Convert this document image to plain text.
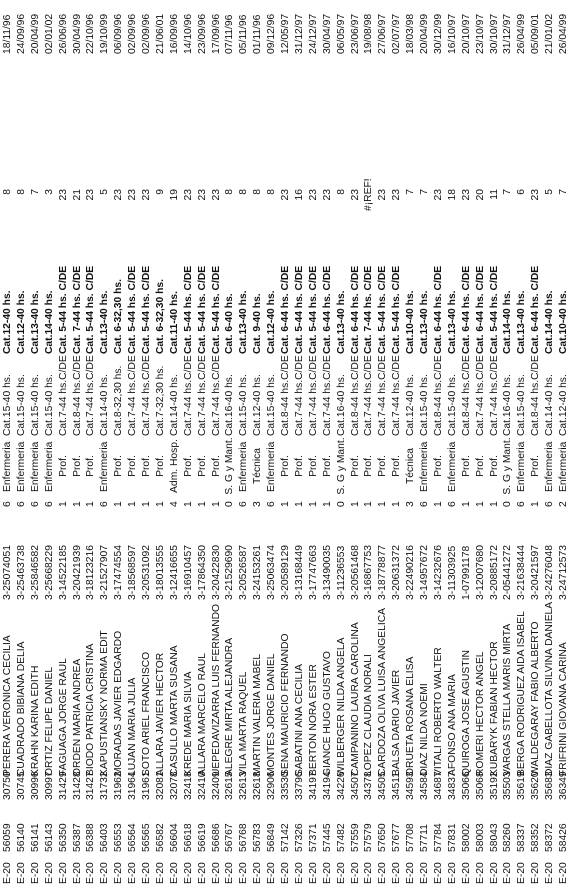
E-20
56059
30750
PERERA VERONICA CECILIA
3-25074051
6
Enfermeria
Cat.15-40 hs.
Cat.12-40 hs.
8
18/11/96
E-20
56140
30745
CUADRADO BIBIANA DELIA
3-25463738
6
Enfermeria
Cat.15-40 hs.
Cat.12-40 hs.
8
24/09/96
E-20
56141
30996
KRAHN KARINA EDITH
3-25846582
6
Enfermeria
Cat.15-40 hs.
Cat.13-40 hs.
7
20/04/99
E-20
56143
30997
ORTIZ FELIPE DANIEL
3-25668229
6
Enfermeria
Cat.15-40 hs.
Cat.14-40 hs.
3
02/01/02
E-20
56350
31429
FAGUAGA JORGE RAUL
3-14522185
1
Prof.
Cat.7-44 hs.C/DE
Cat. 5-44 hs. C/DE
23
26/06/96
E-20
56387
31428
ORDEN MARIA ANDREA
3-20421939
1
Prof.
Cat.8-44 hs.C/DE
Cat. 7-44 hs. C/DE
21
30/04/99
E-20
56388
31427
BIODO PATRICIA CRISTINA
3-18123216
1
Prof.
Cat.7-44 hs.C/DE
Cat. 5-44 hs. C/DE
23
22/10/96
E-20
56403
31732
KAPUSTIANSKY NORMA EDIT
3-21527907
6
Enfermeria
Cat.14-40 hs.
Cat.13-40 hs.
5
19/10/99
E-20
56553
31962
MORADAS JAVIER EDGARDO
3-17474554
1
Prof.
Cat.8-32,30 hs.
Cat. 6-32,30 hs.
23
06/09/96
E-20
56564
31964
LUJAN MARIA JULIA
3-18568597
1
Prof.
Cat.7-44 hs.C/DE
Cat. 5-44 hs. C/DE
23
02/09/96
E-20
56565
31961
SOTO ARIEL FRANCISCO
3-20531092
1
Prof.
Cat.7-44 hs.C/DE
Cat. 5-44 hs. C/DE
23
02/09/96
E-20
56582
32081
ALLARA JAVIER HECTOR
3-18013555
1
Prof.
Cat.7-32,30 hs.
Cat. 6-32,30 hs.
9
21/06/01
E-20
56604
32078
CASULLO MARTA SUSANA
3-12416655
4
Adm. Hosp.
Cat.14-40 hs.
Cat.11-40 hs.
19
16/09/96
E-20
56618
32418
KREDE MARIA SILVIA
3-16910457
1
Prof.
Cat.7-44 hs.C/DE
Cat. 5-44 hs. C/DE
23
14/10/96
E-20
56619
32410
ALLARA MARCELO RAUL
3-17864350
1
Prof.
Cat.7-44 hs.C/DE
Cat. 5-44 hs. C/DE
23
23/09/96
E-20
56686
32409
UEPEDAVIZARRA LUIS FERNANDO
3-20422830
1
Prof.
Cat.7-44 hs.C/DE
Cat. 5-44 hs. C/DE
23
17/09/96
E-20
56767
32615
ALEGRE MIRTA ALEJANDRA
3-21529690
0
S. G y Mant.
Cat.16-40 hs.
Cat. 6-40 hs.
8
07/11/96
E-20
56768
32613
VILA MARTA RAQUEL
3-20526587
6
Enfermeria
Cat.15-40 hs.
Cat.13-40 hs.
8
05/11/96
E-20
56783
32618
MARTIN VALERIA MABEL
3-24153261
3
Técnica
Cat.12-40 hs.
Cat. 9-40 hs.
8
01/11/96
E-20
56849
32906
MONTES JORGE DANIEL
3-25063474
6
Enfermeria
Cat.15-40 hs.
Cat.12-40 hs.
8
09/12/96
E-20
57142
33530
SENA MAURICIO FERNANDO
3-20589129
1
Prof.
Cat.8-44 hs.C/DE
Cat. 6-44 hs. C/DE
23
12/05/97
E-20
57326
33796
SABATINI ANA CECILIA
3-13168449
1
Prof.
Cat.7-44 hs.C/DE
Cat. 5-44 hs. C/DE
16
31/12/97
E-20
57371
34197
BERTON NORA ESTER
3-17747663
1
Prof.
Cat.7-44 hs.C/DE
Cat. 5-44 hs. C/DE
23
24/12/97
E-20
57445
34194
GIANCE HUGO GUSTAVO
3-13490035
1
Prof.
Cat.7-44 hs.C/DE
Cat. 6-44 hs. C/DE
23
30/04/97
E-20
57482
34226
WILBERGER NILDA ANGELA
3-11236553
0
S. G y Mant.
Cat.16-40 hs.
Cat.13-40 hs.
8
06/05/97
E-20
57559
34507
CAMPANINO LAURA CAROLINA
3-20561468
1
Prof.
Cat.8-44 hs.C/DE
Cat. 6-44 hs. C/DE
23
23/06/97
E-20
57579
34378
LOPEZ CLAUDIA NORALI
3-16867753
1
Prof.
Cat.7-44 hs.C/DE
Cat. 7-44 hs. C/DE
#¡REF!
19/08/98
E-20
57650
34505
CARDOZA OLIVA LUISA ANGELICA
3-18778877
1
Prof.
Cat.7-44 hs.C/DE
Cat. 5-44 hs. C/DE
23
27/06/97
E-20
57677
34511
BALSA DARIO JAVIER
3-20631372
1
Prof.
Cat.7-44 hs.C/DE
Cat. 5-44 hs. C/DE
23
02/07/97
E-20
57708
34593
ORUETA ROSANA ELISA
3-22490216
3
Técnica
Cat.12-40 hs.
Cat.10-40 hs.
7
18/03/98
E-20
57711
34584
DIAZ NILDA NOEMI
3-14957672
6
Enfermeria
Cat.15-40 hs.
Cat.13-40 hs.
7
20/04/99
E-20
57784
34687
VITALI ROBERTO WALTER
3-14232676
1
Prof.
Cat.8-44 hs.C/DE
Cat. 6-44 hs. C/DE
23
30/12/99
E-20
57831
34837
AFONSO ANA MARIA
3-11303925
6
Enfermeria
Cat.15-40 hs.
Cat.13-40 hs.
18
16/10/97
E-20
58002
35066
QUIROGA JOSE AGUSTIN
1-07991178
1
Prof.
Cat.8-44 hs.C/DE
Cat. 6-44 hs. C/DE
23
20/10/97
E-20
58003
35068
ROMERI HECTOR ANGEL
3-12007680
1
Prof.
Cat.7-44 hs.C/DE
Cat. 6-44 hs. C/DE
20
23/10/97
E-20
58043
35192
KUBARYK FABIAN HECTOR
3-20885172
1
Prof.
Cat.7-44 hs.C/DE
Cat. 5-44 hs. C/DE
11
30/10/97
E-20
58260
35503
VARGAS STELLA MARIS MIRTA
2-05441272
0
S. G y Mant.
Cat.16-40 hs.
Cat.14-40 hs.
7
31/12/97
E-20
58337
35619
BERGA RODRIGUEZ AIDA ISABEL
3-21638444
6
Enfermeria
Cat.15-40 hs.
Cat.13-40 hs.
6
26/04/99
E-20
58352
35620
WALDEGARAY FABIO ALBERTO
3-20421597
1
Prof.
Cat.8-44 hs.C/DE
Cat. 6-44 hs. C/DE
23
05/09/01
E-20
58372
35683
DIAZ GABELLOTA SILVINA DANIELA
3-24276048
6
Enfermeria
Cat.14-40 hs.
Cat.14-40 hs.
5
21/01/02
E-20
58426
36349
FRIFRINI GIOVANA CARINA
3-24712573
2
Enfermeria
Cat.12-40 hs.
Cat.10-40 hs.
7
26/04/99
